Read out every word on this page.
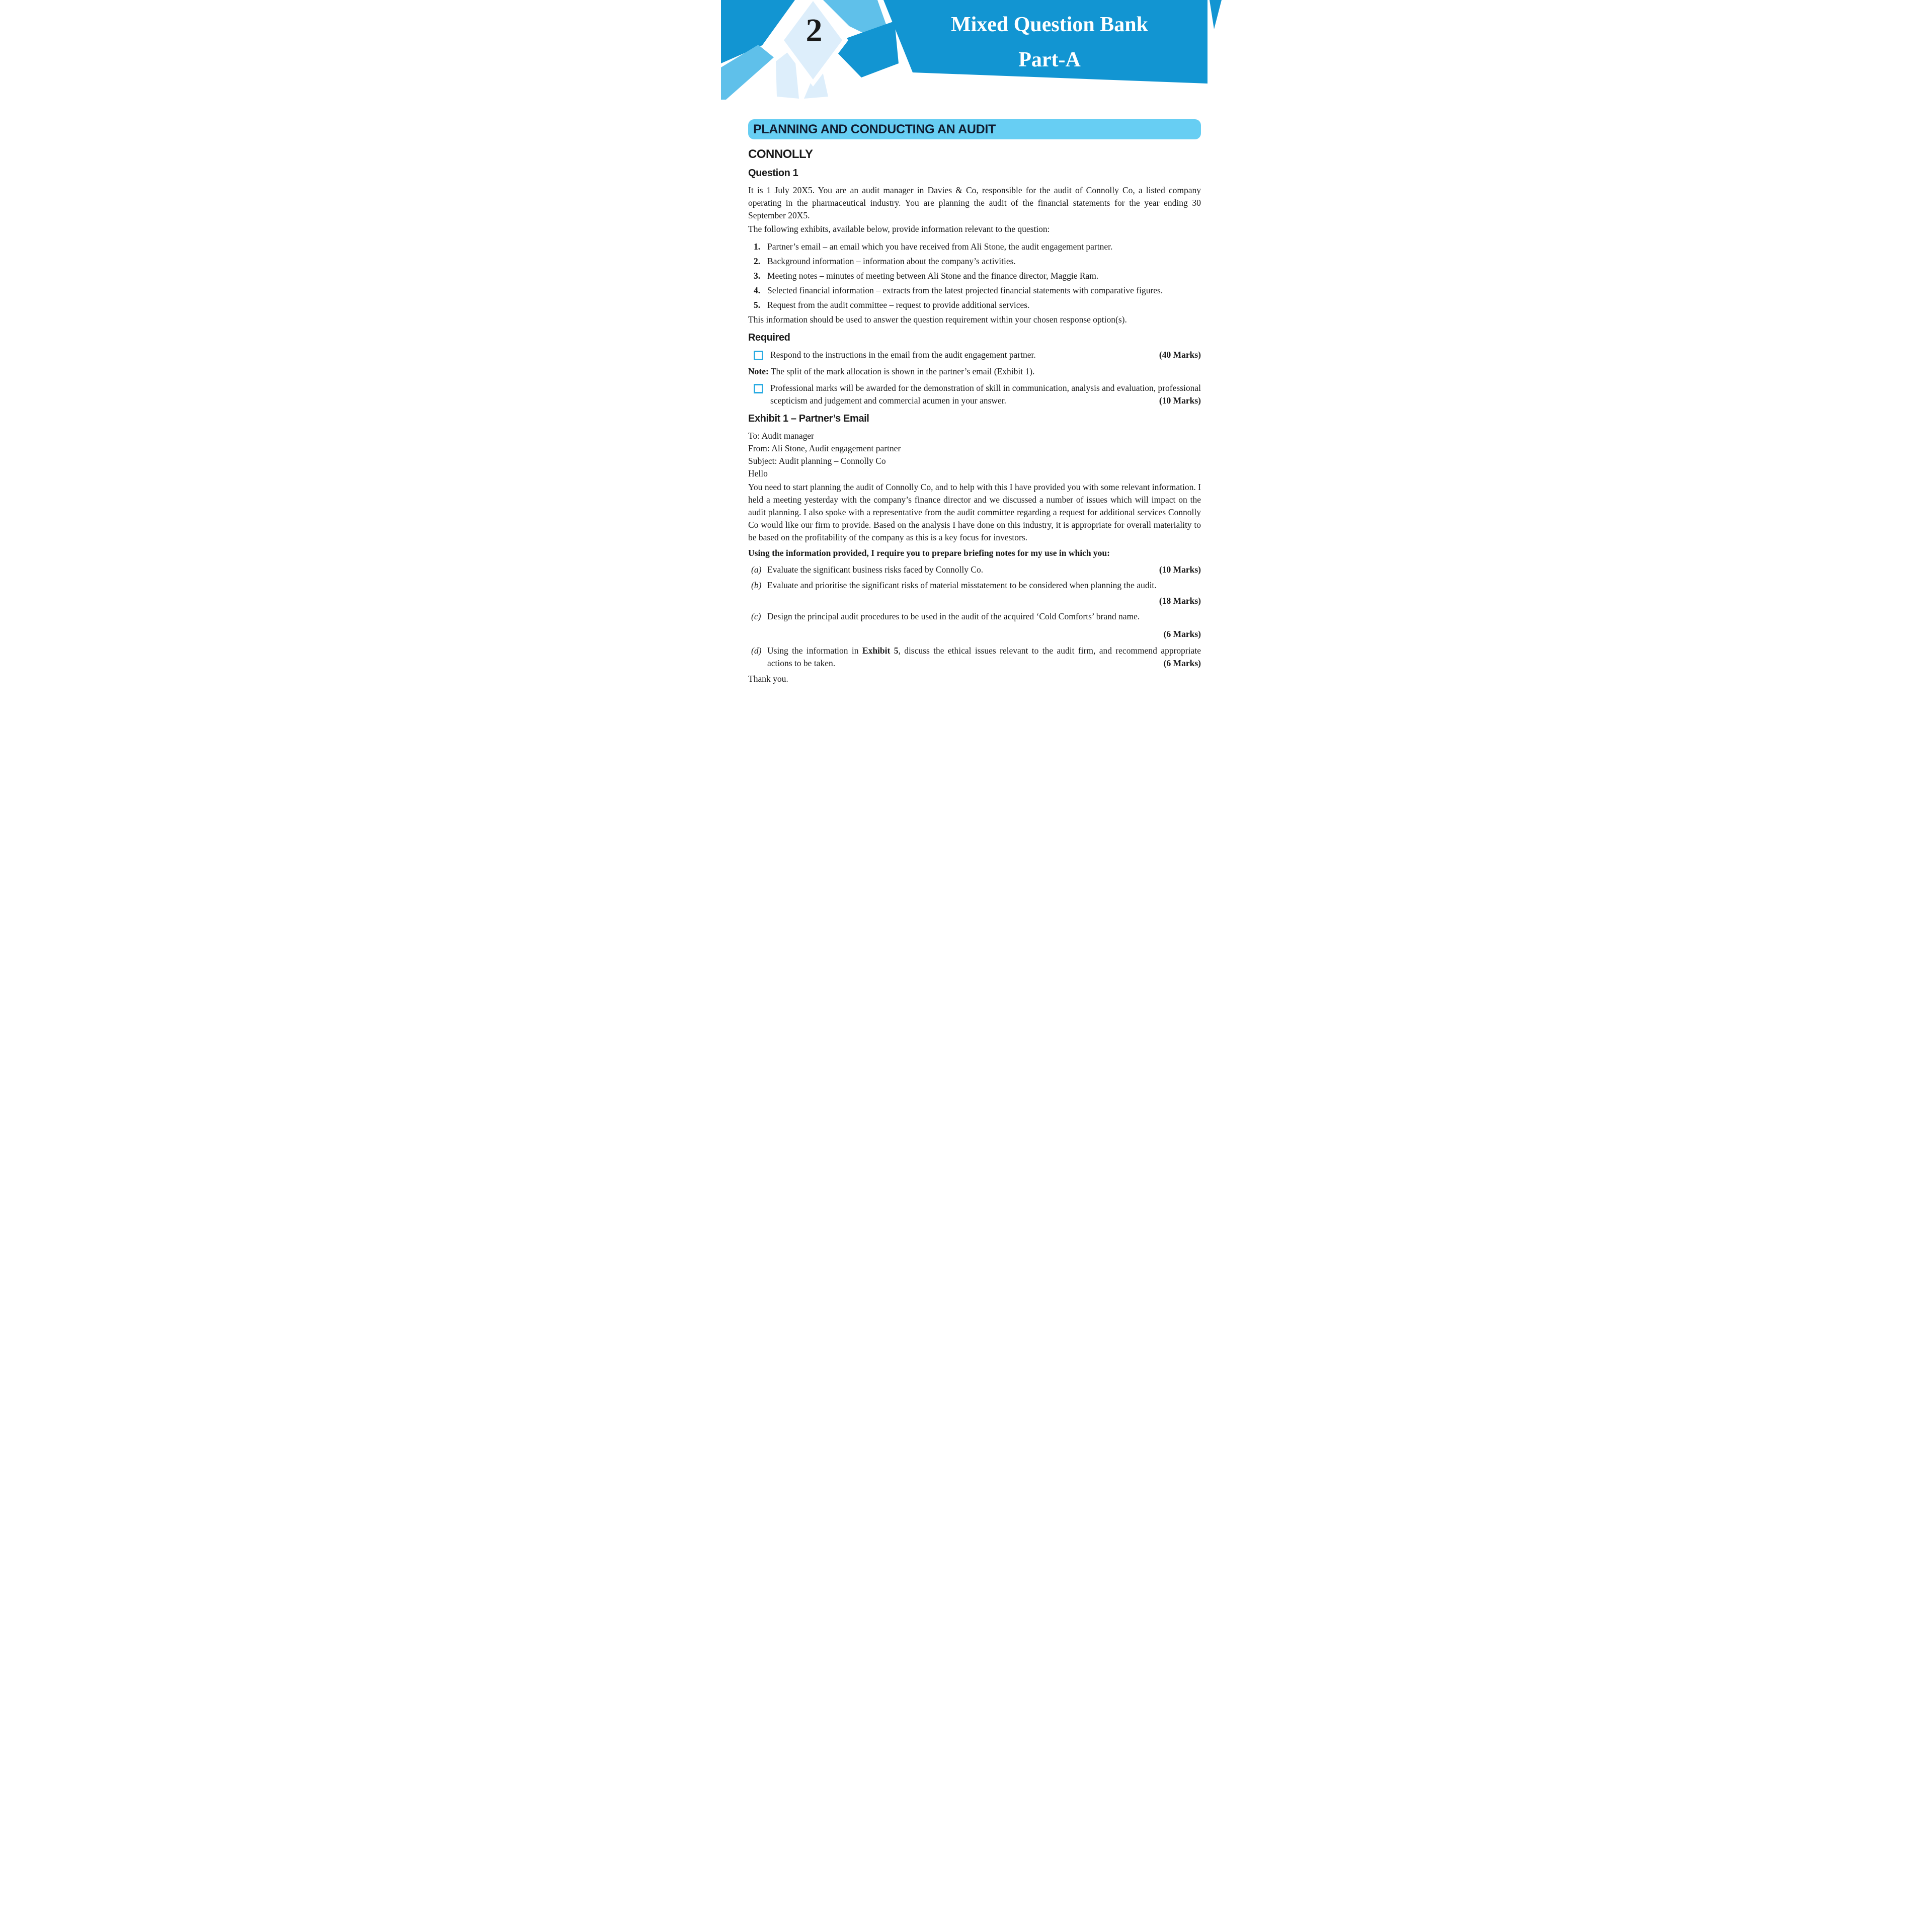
2	Mixed Question Bank
Part-A
PLANNING AND CONDUCTING AN AUDIT
CONNOLLY
Question 1

It is 1 July 20X5. You are an audit manager in Davies & Co, responsible for the audit of Connolly Co, a listed company operating in the pharmaceutical industry. You are planning the audit of the financial statements for the year ending 30 September 20X5.

The following exhibits, available below, provide information relevant to the question:

1. Partner’s email – an email which you have received from Ali Stone, the audit engagement partner.
2. Background information – information about the company’s activities.
3. Meeting notes – minutes of meeting between Ali Stone and the finance director, Maggie Ram.
4. Selected financial information – extracts from the latest projected financial statements with comparative figures.
5. Request from the audit committee – request to provide additional services.

This information should be used to answer the question requirement within your chosen response option(s).

Required
(40 Marks)
Respond to the instructions in the email from the audit engagement partner.

Note: The split of the mark allocation is shown in the partner’s email (Exhibit 1).

Professional marks will be awarded for the demonstration of skill in communication, analysis and evaluation, professional scepticism and judgement and commercial acumen in your answer.	(10 Marks)
Exhibit 1 – Partner’s Email
To: Audit manager
From: Ali Stone, Audit engagement partner
Subject: Audit planning – Connolly Co
Hello

You need to start planning the audit of Connolly Co, and to help with this I have provided you with some relevant information. I held a meeting yesterday with the company’s finance director and we discussed a number of issues which will impact on the audit planning. I also spoke with a representative from the audit committee regarding a request for additional services Connolly Co would like our firm to provide. Based on the analysis I have done on this industry, it is appropriate for overall materiality to be based on the profitability of the company as this is a key focus for investors.

Using the information provided, I require you to prepare briefing notes for my use in which you:

(a)	(10 Marks)
Evaluate the significant business risks faced by Connolly Co.
(b) Evaluate and prioritise the significant risks of material misstatement to be considered when planning the audit.
(18 Marks)
(c) Design the principal audit procedures to be used in the audit of the acquired ‘Cold Comforts’ brand name.
(6 Marks)
(d) Using the information in Exhibit 5, discuss the ethical issues relevant to the audit firm, and recommend appropriate actions to be taken.	(6 Marks)

Thank you.
